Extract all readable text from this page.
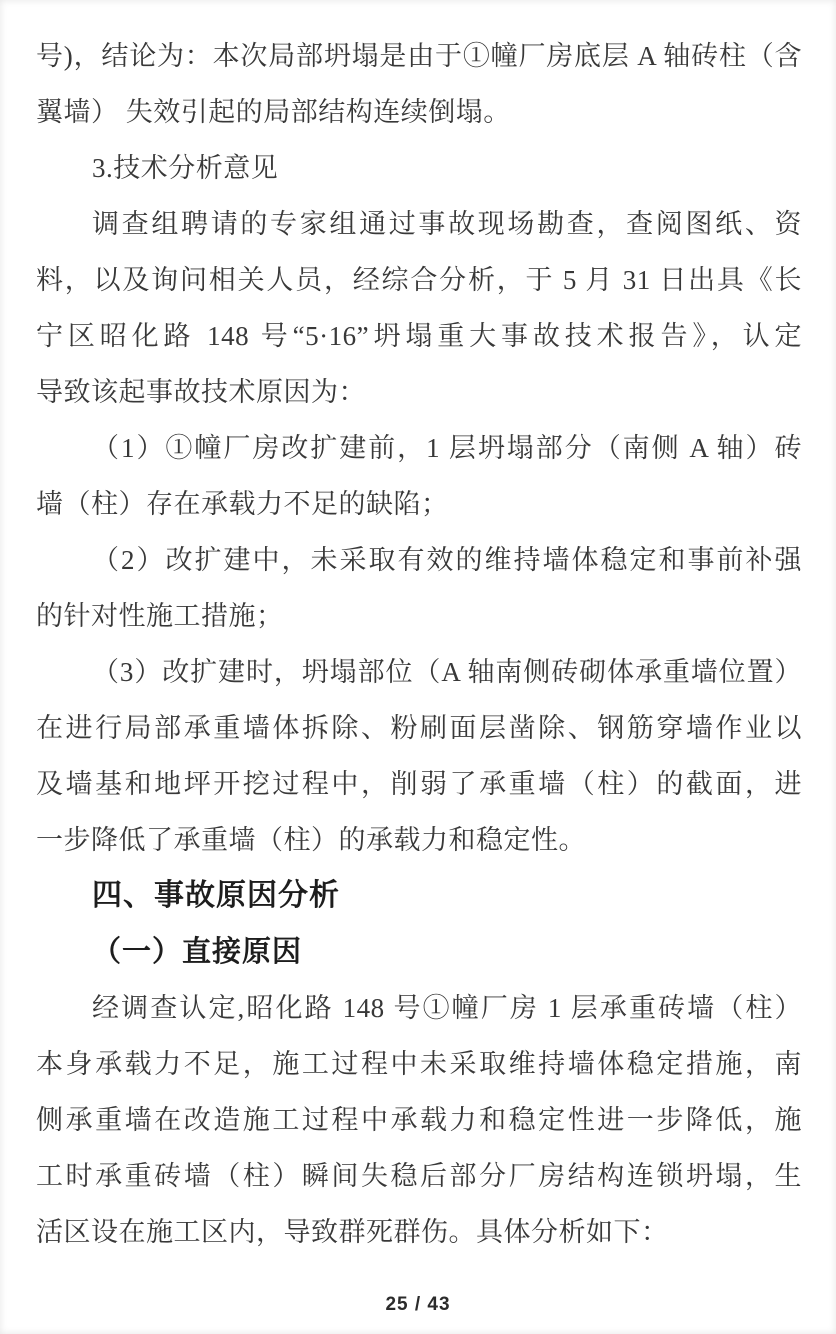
号)，结论为：本次局部坍塌是由于①幢厂房底层 A 轴砖柱（含
翼墙） 失效引起的局部结构连续倒塌。
3.技术分析意见
调查组聘请的专家组通过事故现场勘查，查阅图纸、资
料，以及询问相关人员，经综合分析，于 5 月 31 日出具《长
宁区昭化路 148 号“5·16”坍塌重大事故技术报告》，认定
导致该起事故技术原因为：
（1）①幢厂房改扩建前，1 层坍塌部分（南侧 A 轴）砖
墙（柱）存在承载力不足的缺陷；
（2）改扩建中，未采取有效的维持墙体稳定和事前补强
的针对性施工措施；
（3）改扩建时，坍塌部位（A 轴南侧砖砌体承重墙位置）
在进行局部承重墙体拆除、粉刷面层凿除、钢筋穿墙作业以
及墙基和地坪开挖过程中，削弱了承重墙（柱）的截面，进
一步降低了承重墙（柱）的承载力和稳定性。
四、事故原因分析
（一）直接原因
经调查认定,昭化路 148 号①幢厂房 1 层承重砖墙（柱）
本身承载力不足，施工过程中未采取维持墙体稳定措施，南
侧承重墙在改造施工过程中承载力和稳定性进一步降低，施
工时承重砖墙（柱）瞬间失稳后部分厂房结构连锁坍塌，生
活区设在施工区内，导致群死群伤。具体分析如下：
25 / 43
